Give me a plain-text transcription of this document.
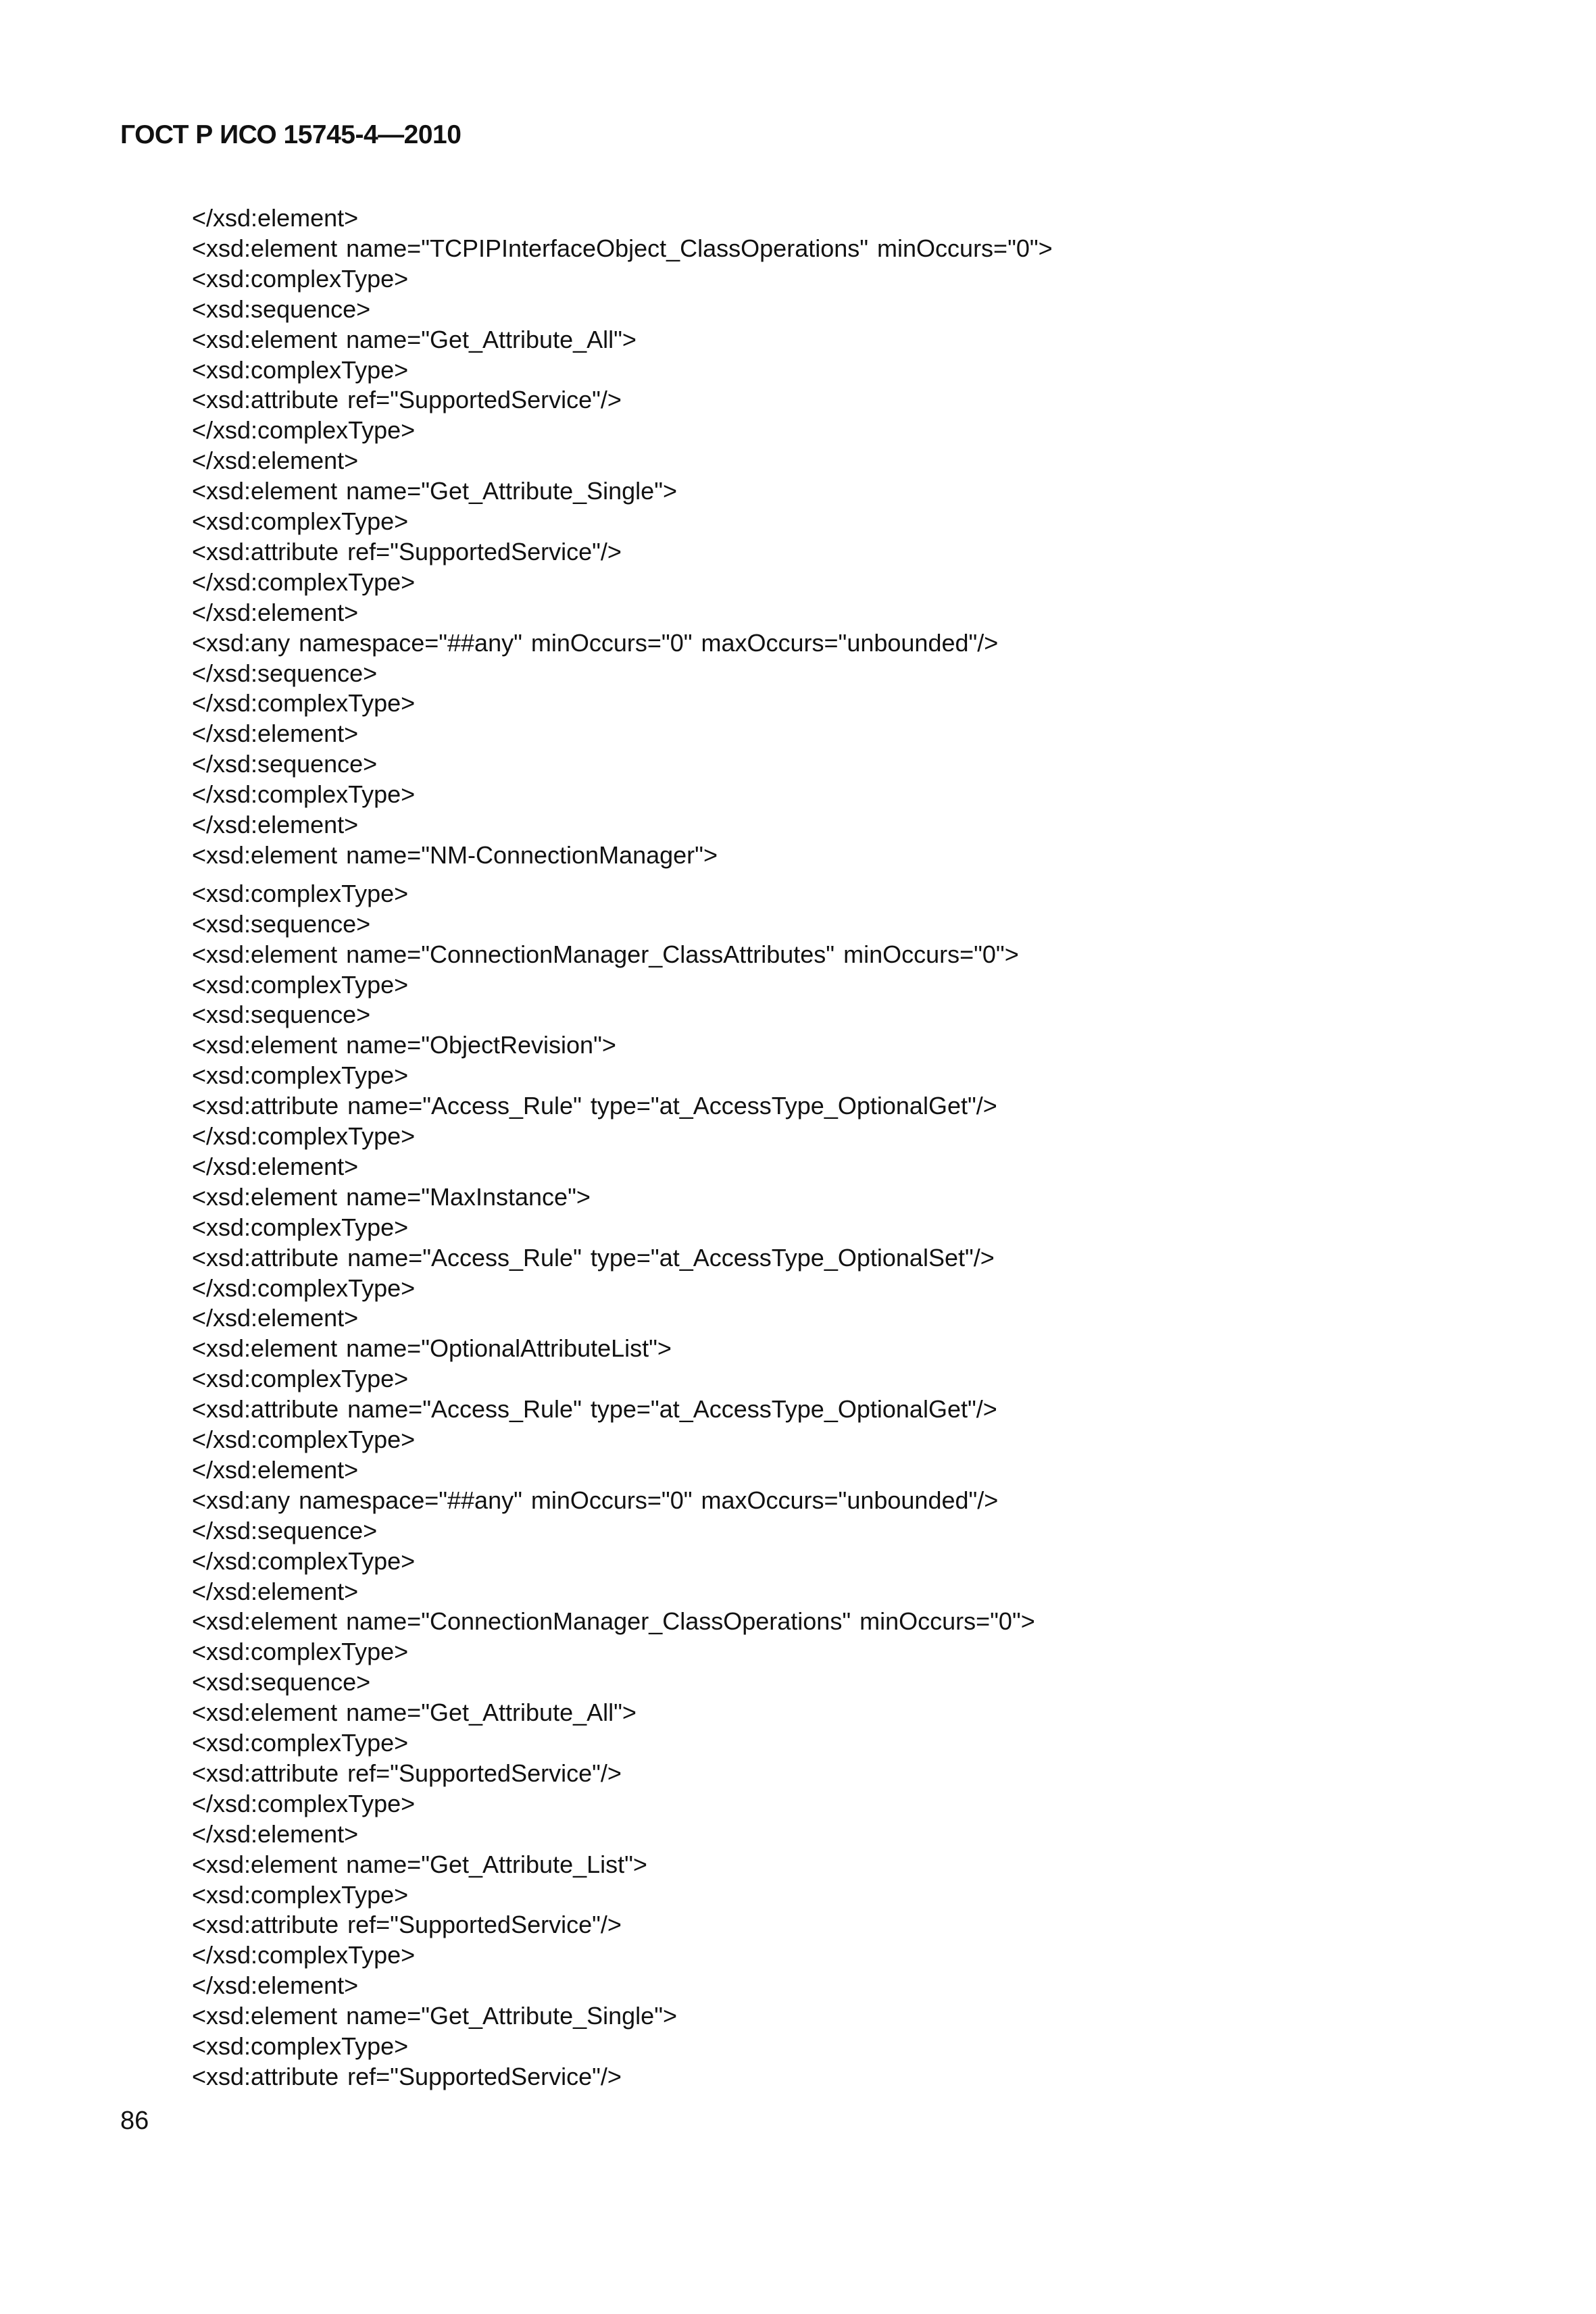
ГОСТ Р ИСО 15745-4—2010
</xsd:element>
<xsd:element name="TCPIPInterfaceObject_ClassOperations" minOccurs="0">
<xsd:complexType>
<xsd:sequence>
<xsd:element name="Get_Attribute_All">
<xsd:complexType>
<xsd:attribute ref="SupportedService"/>
</xsd:complexType>
</xsd:element>
<xsd:element name="Get_Attribute_Single">
<xsd:complexType>
<xsd:attribute ref="SupportedService"/>
</xsd:complexType>
</xsd:element>
<xsd:any namespace="##any" minOccurs="0" maxOccurs="unbounded"/>
</xsd:sequence>
</xsd:complexType>
</xsd:element>
</xsd:sequence>
</xsd:complexType>
</xsd:element>
<xsd:element name="NM-ConnectionManager">
<xsd:complexType>
<xsd:sequence>
<xsd:element name="ConnectionManager_ClassAttributes" minOccurs="0">
<xsd:complexType>
<xsd:sequence>
<xsd:element name="ObjectRevision">
<xsd:complexType>
<xsd:attribute name="Access_Rule" type="at_AccessType_OptionalGet"/>
</xsd:complexType>
</xsd:element>
<xsd:element name="MaxInstance">
<xsd:complexType>
<xsd:attribute name="Access_Rule" type="at_AccessType_OptionalSet"/>
</xsd:complexType>
</xsd:element>
<xsd:element name="OptionalAttributeList">
<xsd:complexType>
<xsd:attribute name="Access_Rule" type="at_AccessType_OptionalGet"/>
</xsd:complexType>
</xsd:element>
<xsd:any namespace="##any" minOccurs="0" maxOccurs="unbounded"/>
</xsd:sequence>
</xsd:complexType>
</xsd:element>
<xsd:element name="ConnectionManager_ClassOperations" minOccurs="0">
<xsd:complexType>
<xsd:sequence>
<xsd:element name="Get_Attribute_All">
<xsd:complexType>
<xsd:attribute ref="SupportedService"/>
</xsd:complexType>
</xsd:element>
<xsd:element name="Get_Attribute_List">
<xsd:complexType>
<xsd:attribute ref="SupportedService"/>
</xsd:complexType>
</xsd:element>
<xsd:element name="Get_Attribute_Single">
<xsd:complexType>
<xsd:attribute ref="SupportedService"/>
86
